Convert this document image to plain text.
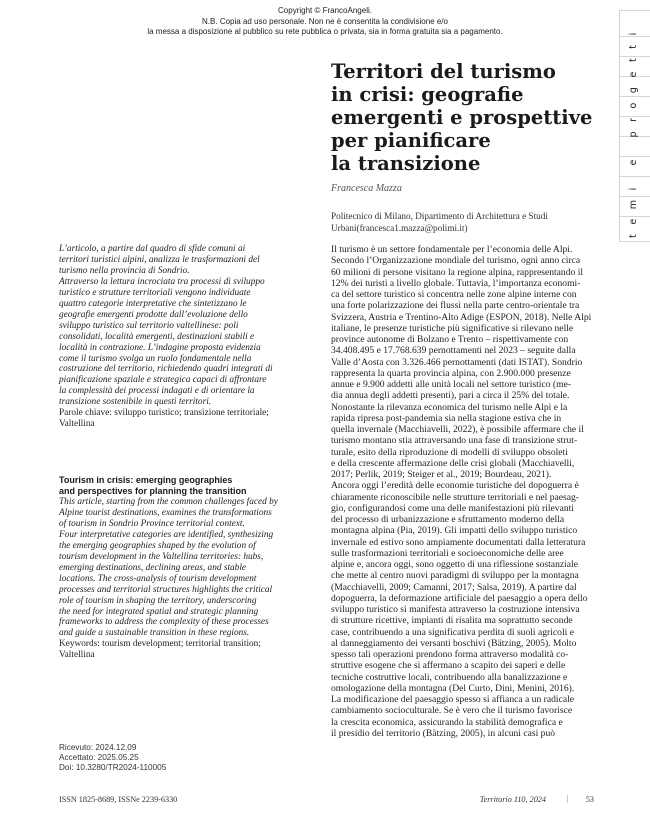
Copyright © FrancoAngeli.
N.B. Copia ad uso personale. Non ne è consentita la condivisione e/o
la messa a disposizione al pubblico su rete pubblica o privata, sia in forma gratuita sia a pagamento.	temi e progetti
Territori del turismo
in crisi: geografie
emergenti e prospettive
per pianificare
la transizione
Francesca Mazza
Politecnico di Milano, Dipartimento di Architettura e Studi Urbani(francesca1.mazza@polimi.it)
L’articolo, a partire dal quadro di sfide comuni ai
territori turistici alpini, analizza le trasformazioni del
turismo nella provincia di Sondrio.
Attraverso la lettura incrociata tra processi di sviluppo
turistico e strutture territoriali vengono individuate
quattro categorie interpretative che sintetizzano le
geografie emergenti prodotte dall’evoluzione dello
sviluppo turistico sul territorio valtellinese: poli
consolidati, località emergenti, destinazioni stabili e
località in contrazione. L’indagine proposta evidenzia
come il turismo svolga un ruolo fondamentale nella
costruzione del territorio, richiedendo quadri integrati di
pianificazione spaziale e strategica capaci di affrontare
la complessità dei processi indagati e di orientare la
transizione sostenibile in questi territori.
Parole chiave: sviluppo turistico; transizione territoriale;
Valtellina
Tourism in crisis: emerging geographies
and perspectives for planning the transition
This article, starting from the common challenges faced by
Alpine tourist destinations, examines the transformations
of tourism in Sondrio Province territorial context.
Four interpretative categories are identified, synthesizing
the emerging geographies shaped by the evolution of
tourism development in the Valtellina territories: hubs,
emerging destinations, declining areas, and stable
locations. The cross-analysis of tourism development
processes and territorial structures highlights the critical
role of tourism in shaping the territory, underscoring
the need for integrated spatial and strategic planning
frameworks to address the complexity of these processes
and guide a sustainable transition in these regions.
Keywords: tourism development; territorial transition;
Valtellina
Ricevuto: 2024.12.09
Accettato: 2025.05.25
Doi: 10.3280/TR2024-110005
Il turismo è un settore fondamentale per l’economia delle Alpi.
Secondo l’Organizzazione mondiale del turismo, ogni anno circa
60 milioni di persone visitano la regione alpina, rappresentando il
12% dei turisti a livello globale. Tuttavia, l’importanza economi-
ca del settore turistico si concentra nelle zone alpine interne con
una forte polarizzazione dei flussi nella parte centro-orientale tra
Svizzera, Austria e Trentino-Alto Adige (ESPON, 2018). Nelle Alpi
italiane, le presenze turistiche più significative si rilevano nelle
province autonome di Bolzano e Trento – rispettivamente con
34.408.495 e 17.768.639 pernottamenti nel 2023 – seguite dalla
Valle d’Aosta con 3.326.466 pernottamenti (dati ISTAT). Sondrio
rappresenta la quarta provincia alpina, con 2.900.000 presenze
annue e 9.900 addetti alle unità locali nel settore turistico (me-
dia annua degli addetti presenti), pari a circa il 25% del totale.
Nonostante la rilevanza economica del turismo nelle Alpi e la
rapida ripresa post-pandemia sia nella stagione estiva che in
quella invernale (Macchiavelli, 2022), è possibile affermare che il
turismo montano stia attraversando una fase di transizione strut-
turale, esito della riproduzione di modelli di sviluppo obsoleti
e della crescente affermazione delle crisi globali (Macchiavelli,
2017; Perlik, 2019; Steiger et al., 2019; Bourdeau, 2021).
Ancora oggi l’eredità delle economie turistiche del dopoguerra è
chiaramente riconoscibile nelle strutture territoriali e nel paesag-
gio, configurandosi come una delle manifestazioni più rilevanti
del processo di urbanizzazione e sfruttamento moderno della
montagna alpina (Pia, 2019). Gli impatti dello sviluppo turistico
invernale ed estivo sono ampiamente documentati dalla letteratura
sulle trasformazioni territoriali e socioeconomiche delle aree
alpine e, ancora oggi, sono oggetto di una riflessione sostanziale
che mette al centro nuovi paradigmi di sviluppo per la montagna
(Macchiavelli, 2009; Camanni, 2017; Salsa, 2019). A partire dal
dopoguerra, la deformazione artificiale del paesaggio a opera dello
sviluppo turistico si manifesta attraverso la costruzione intensiva
di strutture ricettive, impianti di risalita ma soprattutto seconde
case, contribuendo a una significativa perdita di suoli agricoli e
al danneggiamento dei versanti boschivi (Bätzing, 2005). Molto
spesso tali operazioni prendono forma attraverso modalità co-
struttive esogene che si affermano a scapito dei saperi e delle
tecniche costruttive locali, contribuendo alla banalizzazione e
omologazione della montagna (Del Curto, Dini, Menini, 2016).
La modificazione del paesaggio spesso si affianca a un radicale
cambiamento socioculturale. Se è vero che il turismo favorisce
la crescita economica, assicurando la stabilità demografica e
il presidio del territorio (Bätzing, 2005), in alcuni casi può
ISSN 1825-8689, ISSNe 2239-6330	Territorio 110, 2024 | 53
